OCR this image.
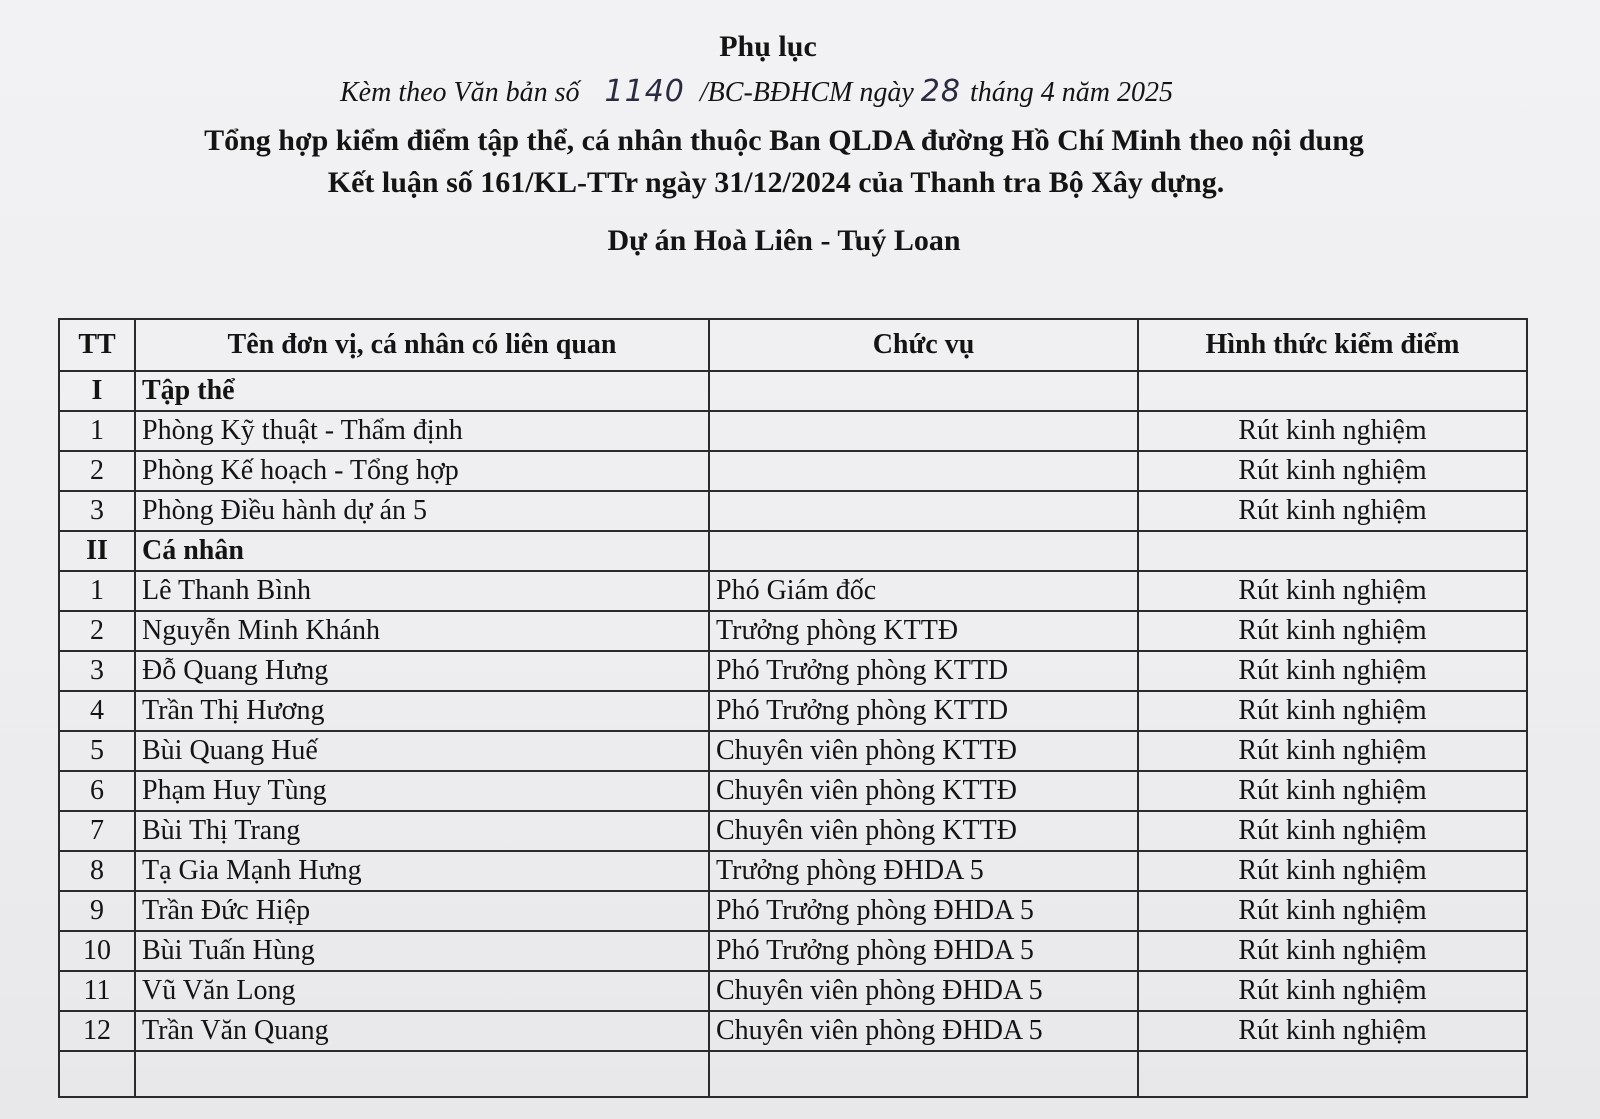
Phụ lục
Kèm theo Văn bản số 1140 /BC-BĐHCM ngày 28 tháng 4 năm 2025
Tổng hợp kiểm điểm tập thể, cá nhân thuộc Ban QLDA đường Hồ Chí Minh theo nội dung
Kết luận số 161/KL-TTr ngày 31/12/2024 của Thanh tra Bộ Xây dựng.
Dự án Hoà Liên - Tuý Loan
TT	Tên đơn vị, cá nhân có liên quan	Chức vụ	Hình thức kiểm điểm
I	Tập thể		
1	Phòng Kỹ thuật - Thẩm định		Rút kinh nghiệm
2	Phòng Kế hoạch - Tổng hợp		Rút kinh nghiệm
3	Phòng Điều hành dự án 5		Rút kinh nghiệm
II	Cá nhân		
1	Lê Thanh Bình	Phó Giám đốc	Rút kinh nghiệm
2	Nguyễn Minh Khánh	Trưởng phòng KTTĐ	Rút kinh nghiệm
3	Đỗ Quang Hưng	Phó Trưởng phòng KTTD	Rút kinh nghiệm
4	Trần Thị Hương	Phó Trưởng phòng KTTD	Rút kinh nghiệm
5	Bùi Quang Huế	Chuyên viên phòng KTTĐ	Rút kinh nghiệm
6	Phạm Huy Tùng	Chuyên viên phòng KTTĐ	Rút kinh nghiệm
7	Bùi Thị Trang	Chuyên viên phòng KTTĐ	Rút kinh nghiệm
8	Tạ Gia Mạnh Hưng	Trưởng phòng ĐHDA 5	Rút kinh nghiệm
9	Trần Đức Hiệp	Phó Trưởng phòng ĐHDA 5	Rút kinh nghiệm
10	Bùi Tuấn Hùng	Phó Trưởng phòng ĐHDA 5	Rút kinh nghiệm
11	Vũ Văn Long	Chuyên viên phòng ĐHDA 5	Rút kinh nghiệm
12	Trần Văn Quang	Chuyên viên phòng ĐHDA 5	Rút kinh nghiệm
